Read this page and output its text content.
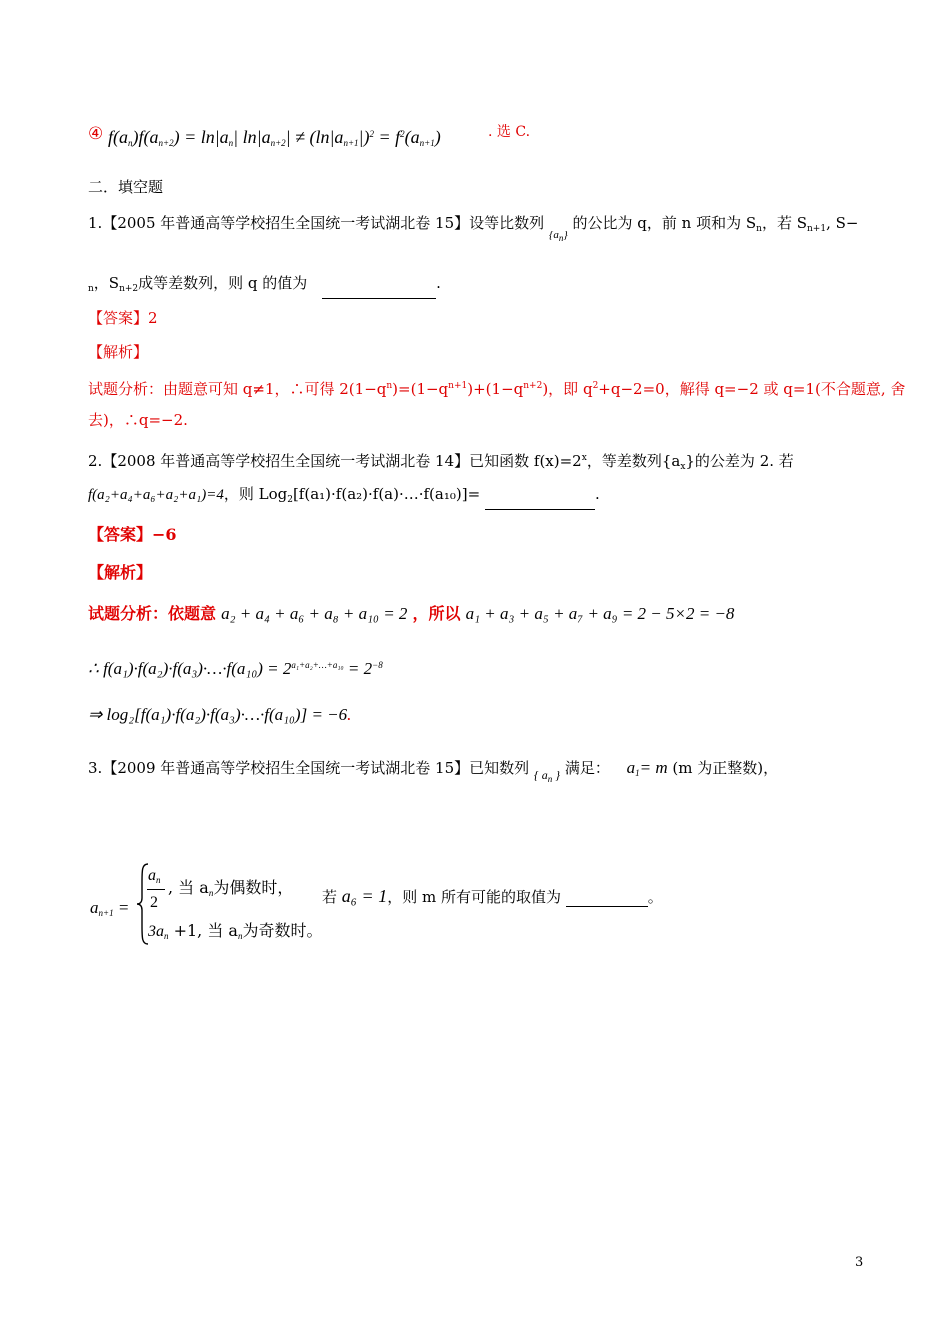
④ $f(a_n)f(a_{n+2}) = \ln|a_n|$ $\ln|a_{n+2}| \ne (\ln|a_{n+1}|)^2 = f^2(a_{n+1})$	. 选 C.
二．填空题
1.【2005 年普通高等学校招生全国统一考试湖北卷 15】设等比数列 $_{\{a_n\}}$ 的公比为 q，前 n 项和为 $S_n$，若 $S_{n+1}$, S−
$_n$，$S_{n+2}$成等差数列，则 q 的值为	.
【答案】2
【解析】
试题分析：由题意可知 q≠1，∴可得 $2(1-q^n)=(1-q^{n+1})+(1-q^{n+2})$，即 $q^2+q-2=0$，解得 q=−2 或 q=1(不合题意, 舍
去)，∴q=−2.
2.【2008 年普通高等学校招生全国统一考试湖北卷 14】已知函数 $f(x)=2^x$，等差数列$\{a_x\}$的公差为 2. 若
f(a₂+a₄+a₆+a₂+a₁)=4，则 Log$_2$[f(a₁)·f(a₂)·f(a)·…·f(a₁₀)]=	.
【答案】−6
【解析】
试题分析：依题意 a₂ + a₄ + a₆ + a₈ + a₁₀ = 2 ，所以 a₁ + a₃ + a₅ + a₇ + a₉ = 2 − 5×2 = −8
∴ f(a₁)·f(a₂)·f(a₃)·…·f(a₁₀) = $2^{a_1+a_2+\dots+a_{10}} = 2^{-8}$
⇒ log₂[f(a₁)·f(a₂)·f(a₃)·…·f(a₁₀)] = −6.
3.【2009 年普通高等学校招生全国统一考试湖北卷 15】已知数列 $_{\{ a_n \}}$ 满足： $a_1= m$ (m 为正整数)，
$a_{n+1}$ =
$a_n$
2
, 当 $a_n$为偶数时，
$3a_n +1$, 当 $a_n$为奇数时。
若 a₆ = 1，则 m 所有可能的取值为	。
3
